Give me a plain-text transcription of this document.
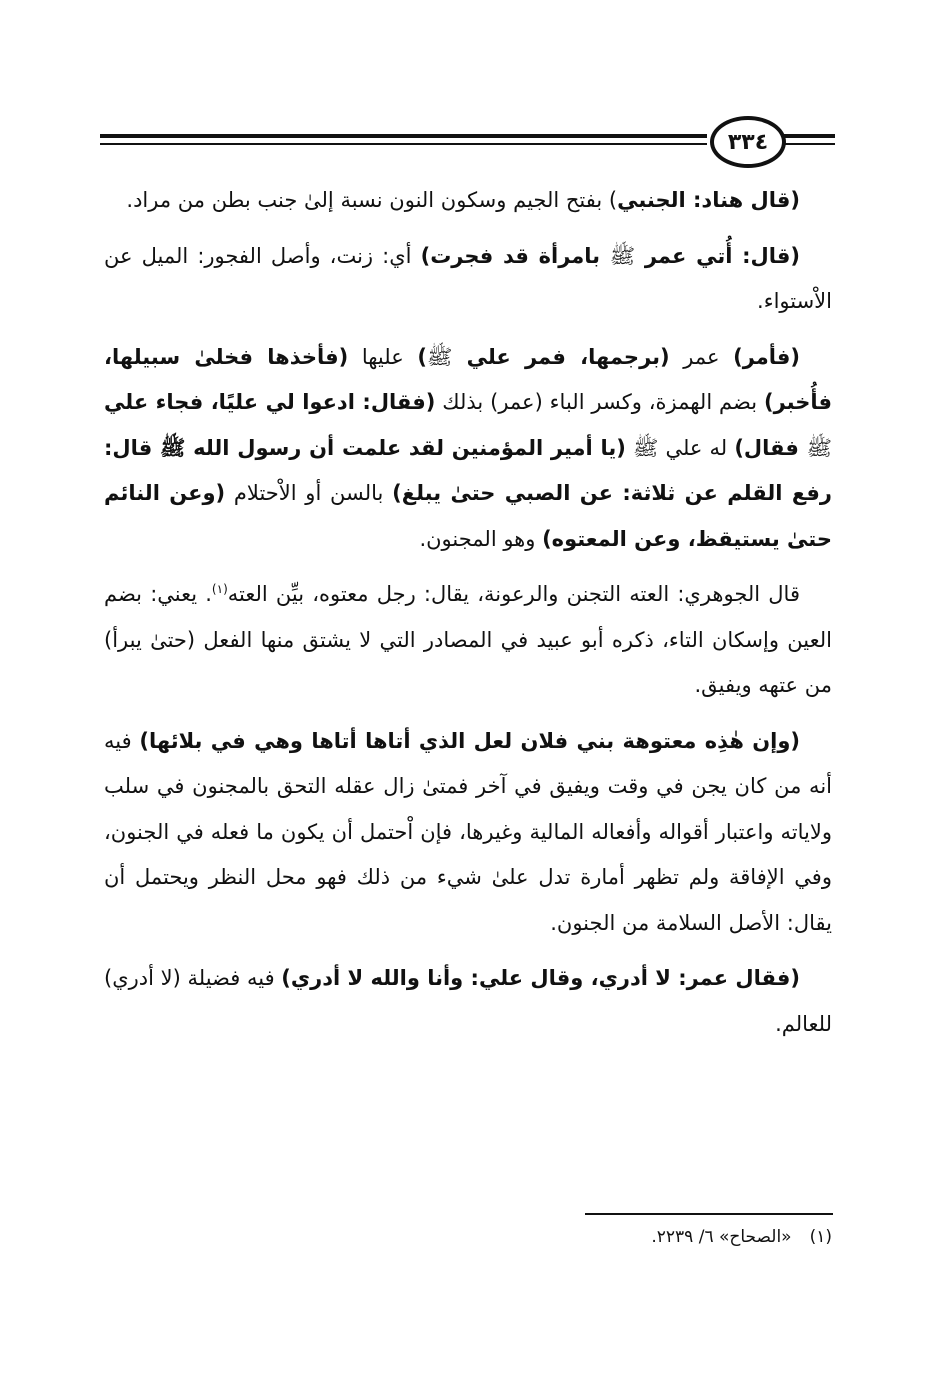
٣٣٤

(قال هناد: الجنبي) بفتح الجيم وسكون النون نسبة إلىٰ جنب بطن من مراد.

(قال: أُتي عمر ﷺ بامرأة قد فجرت) أي: زنت، وأصل الفجور: الميل عن الاْستواء.

(فأمر) عمر (برجمها، فمر علي ﷺ) عليها (فأخذها فخلىٰ سبيلها، فأُخبر) بضم الهمزة، وكسر الباء (عمر) بذلك (فقال: ادعوا لي عليًا، فجاء علي ﷺ فقال) له علي ﷺ (يا أمير المؤمنين لقد علمت أن رسول الله ﷺ قال: رفع القلم عن ثلاثة: عن الصبي حتىٰ يبلغ) بالسن أو الاْحتلام (وعن النائم حتىٰ يستيقظ، وعن المعتوه) وهو المجنون.

قال الجوهري: العته التجنن والرعونة، يقال: رجل معتوه، بيِّن العته$^{(١)}$. يعني: بضم العين وإسكان التاء، ذكره أبو عبيد في المصادر التي لا يشتق منها الفعل (حتىٰ يبرأ) من عتهه ويفيق.

(وإن هٰذِه معتوهة بني فلان لعل الذي أتاها أتاها وهي في بلائها) فيه أنه من كان يجن في وقت ويفيق في آخر فمتىٰ زال عقله التحق بالمجنون في سلب ولاياته واعتبار أقواله وأفعاله المالية وغيرها، فإن اْحتمل أن يكون ما فعله في الجنون، وفي الإفاقة ولم تظهر أمارة تدل علىٰ شيء من ذلك فهو محل النظر ويحتمل أن يقال: الأصل السلامة من الجنون.

(فقال عمر: لا أدري، وقال علي: وأنا والله لا أدري) فيه فضيلة (لا أدري) للعالم.

(١)«الصحاح» ٦/ ٢٢٣٩.
